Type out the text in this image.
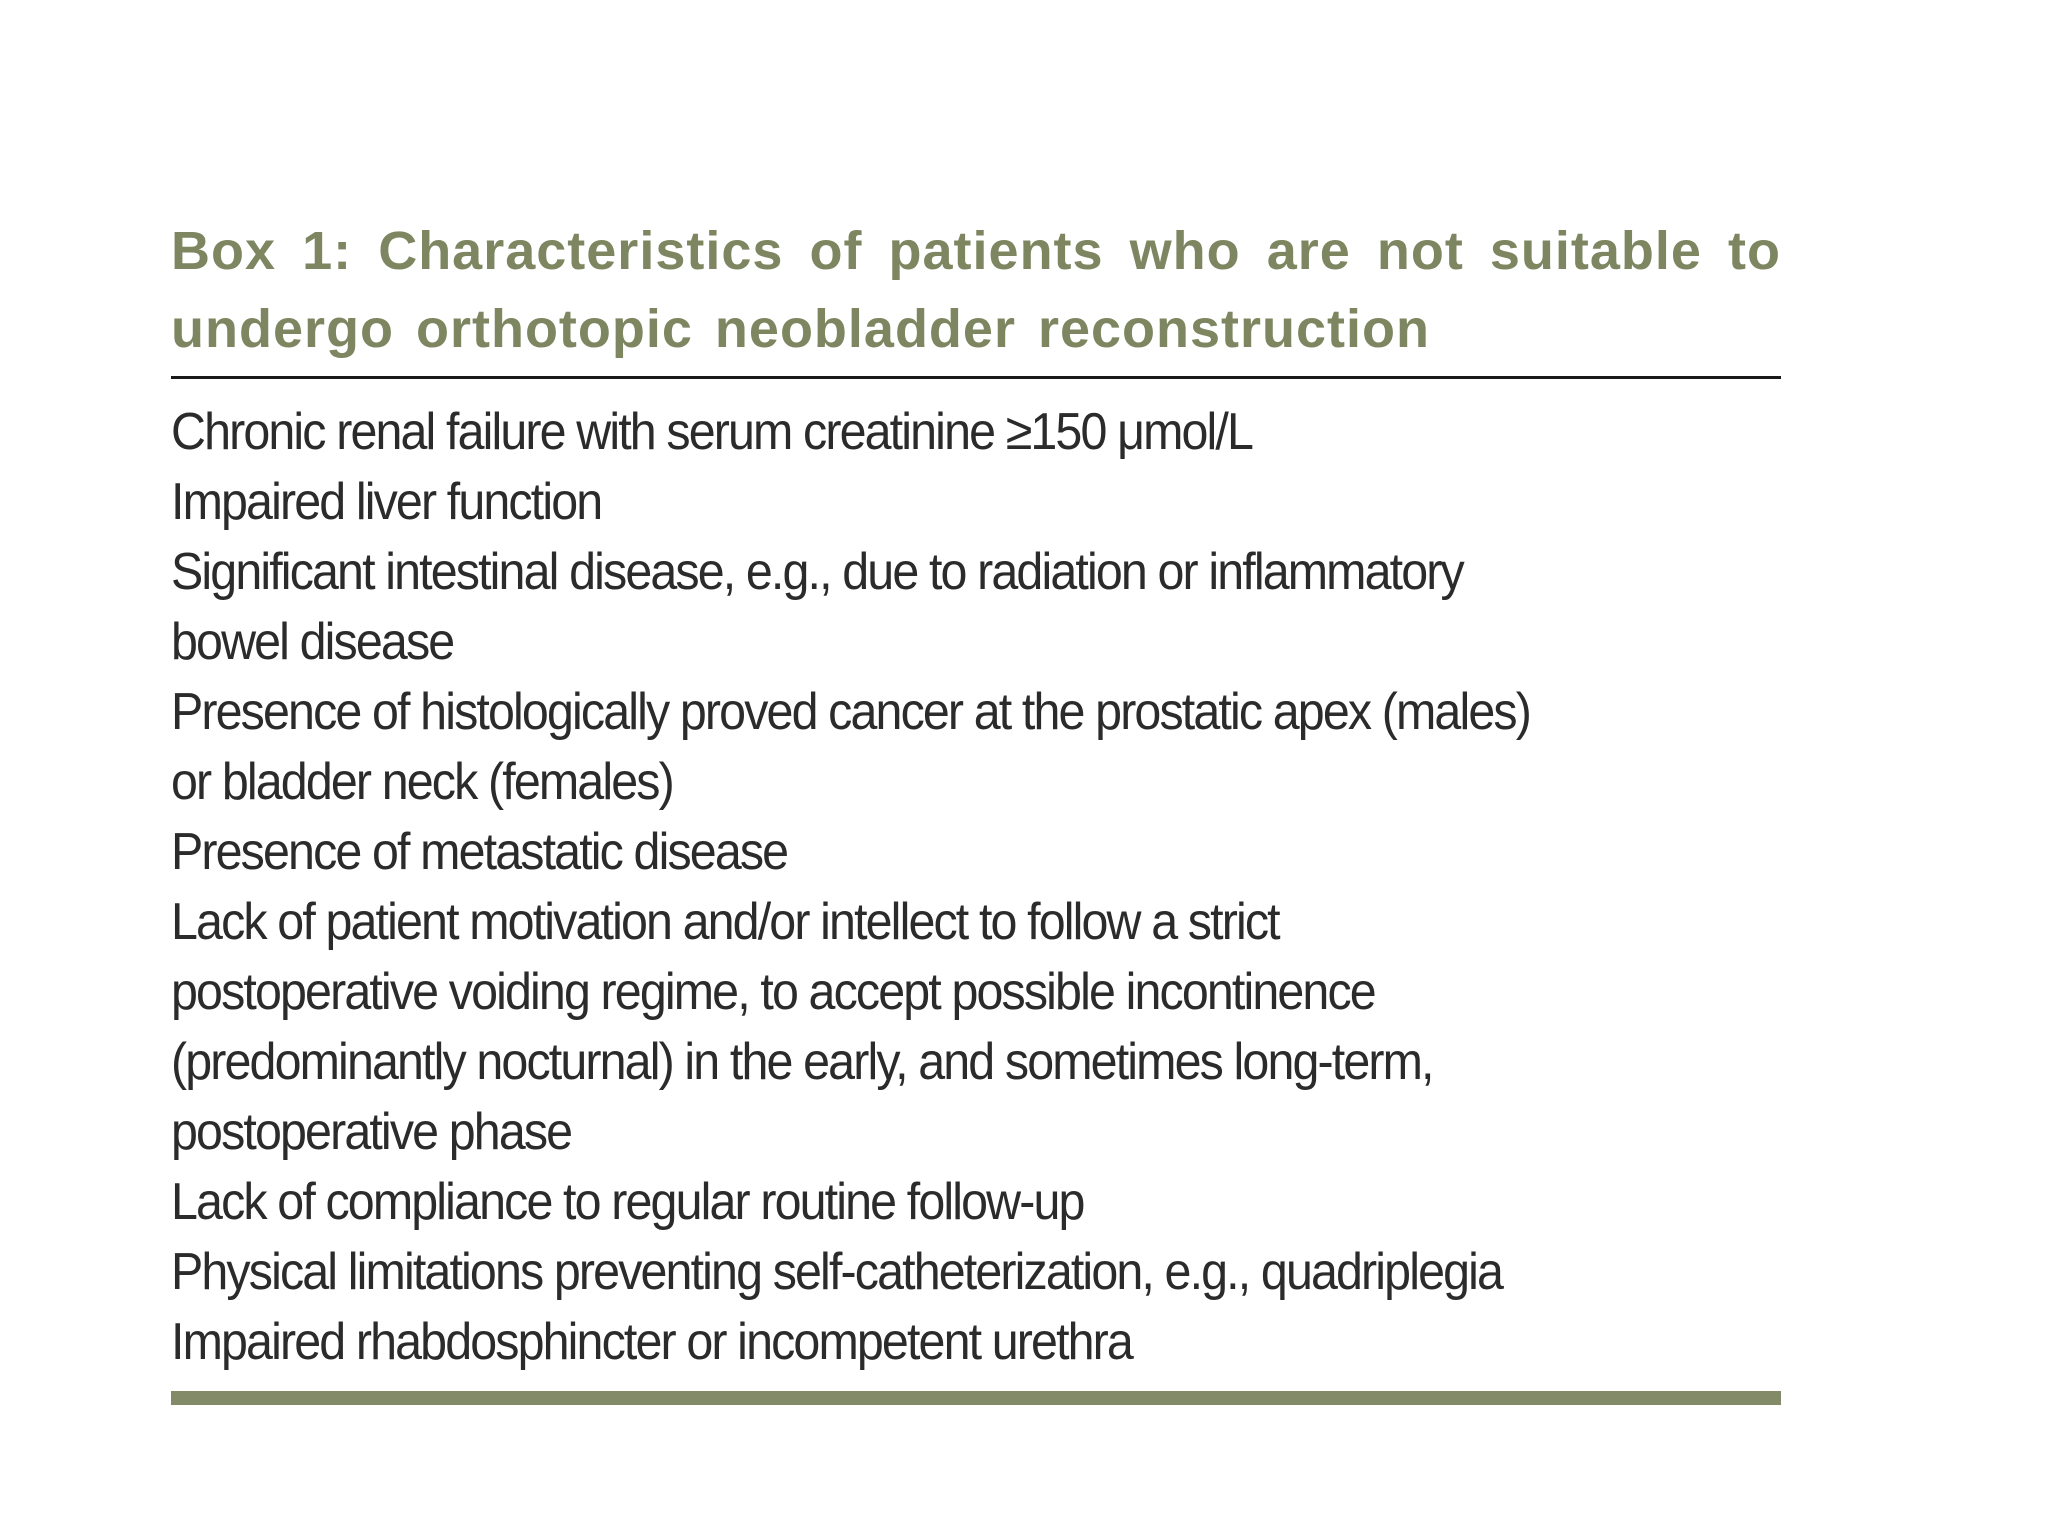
Box 1: Characteristics of patients who are not suitable to undergo orthotopic neobladder reconstruction
Chronic renal failure with serum creatinine ≥150 μmol/L
Impaired liver function
Significant intestinal disease, e.g., due to radiation or inflammatory
bowel disease
Presence of histologically proved cancer at the prostatic apex (males)
or bladder neck (females)
Presence of metastatic disease
Lack of patient motivation and/or intellect to follow a strict
postoperative voiding regime, to accept possible incontinence
(predominantly nocturnal) in the early, and sometimes long-term,
postoperative phase
Lack of compliance to regular routine follow-up
Physical limitations preventing self-catheterization, e.g., quadriplegia
Impaired rhabdosphincter or incompetent urethra
